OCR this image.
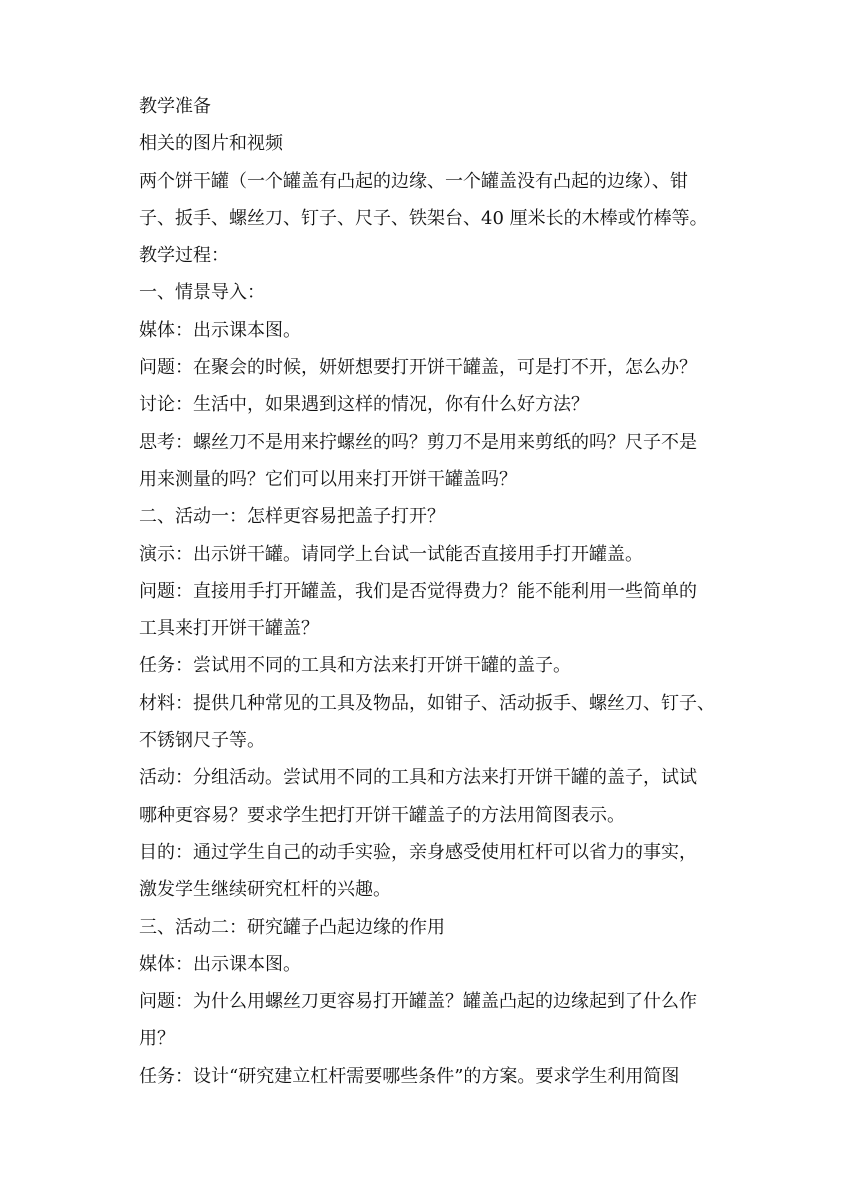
教学准备
相关的图片和视频
两个饼干罐（一个罐盖有凸起的边缘、一个罐盖没有凸起的边缘）、钳
子、扳手、螺丝刀、钉子、尺子、铁架台、40 厘米长的木棒或竹棒等。
教学过程：
一、情景导入：
媒体：出示课本图。
问题：在聚会的时候，妍妍想要打开饼干罐盖，可是打不开，怎么办？
讨论：生活中，如果遇到这样的情况，你有什么好方法？
思考：螺丝刀不是用来拧螺丝的吗？剪刀不是用来剪纸的吗？尺子不是
用来测量的吗？它们可以用来打开饼干罐盖吗？
二、活动一：怎样更容易把盖子打开？
演示：出示饼干罐。请同学上台试一试能否直接用手打开罐盖。
问题：直接用手打开罐盖，我们是否觉得费力？能不能利用一些简单的
工具来打开饼干罐盖？
任务：尝试用不同的工具和方法来打开饼干罐的盖子。
材料：提供几种常见的工具及物品，如钳子、活动扳手、螺丝刀、钉子、
不锈钢尺子等。
活动：分组活动。尝试用不同的工具和方法来打开饼干罐的盖子，试试
哪种更容易？要求学生把打开饼干罐盖子的方法用简图表示。
目的：通过学生自己的动手实验，亲身感受使用杠杆可以省力的事实，
激发学生继续研究杠杆的兴趣。
三、活动二：研究罐子凸起边缘的作用
媒体：出示课本图。
问题：为什么用螺丝刀更容易打开罐盖？罐盖凸起的边缘起到了什么作
用？
任务：设计“研究建立杠杆需要哪些条件”的方案。要求学生利用简图
